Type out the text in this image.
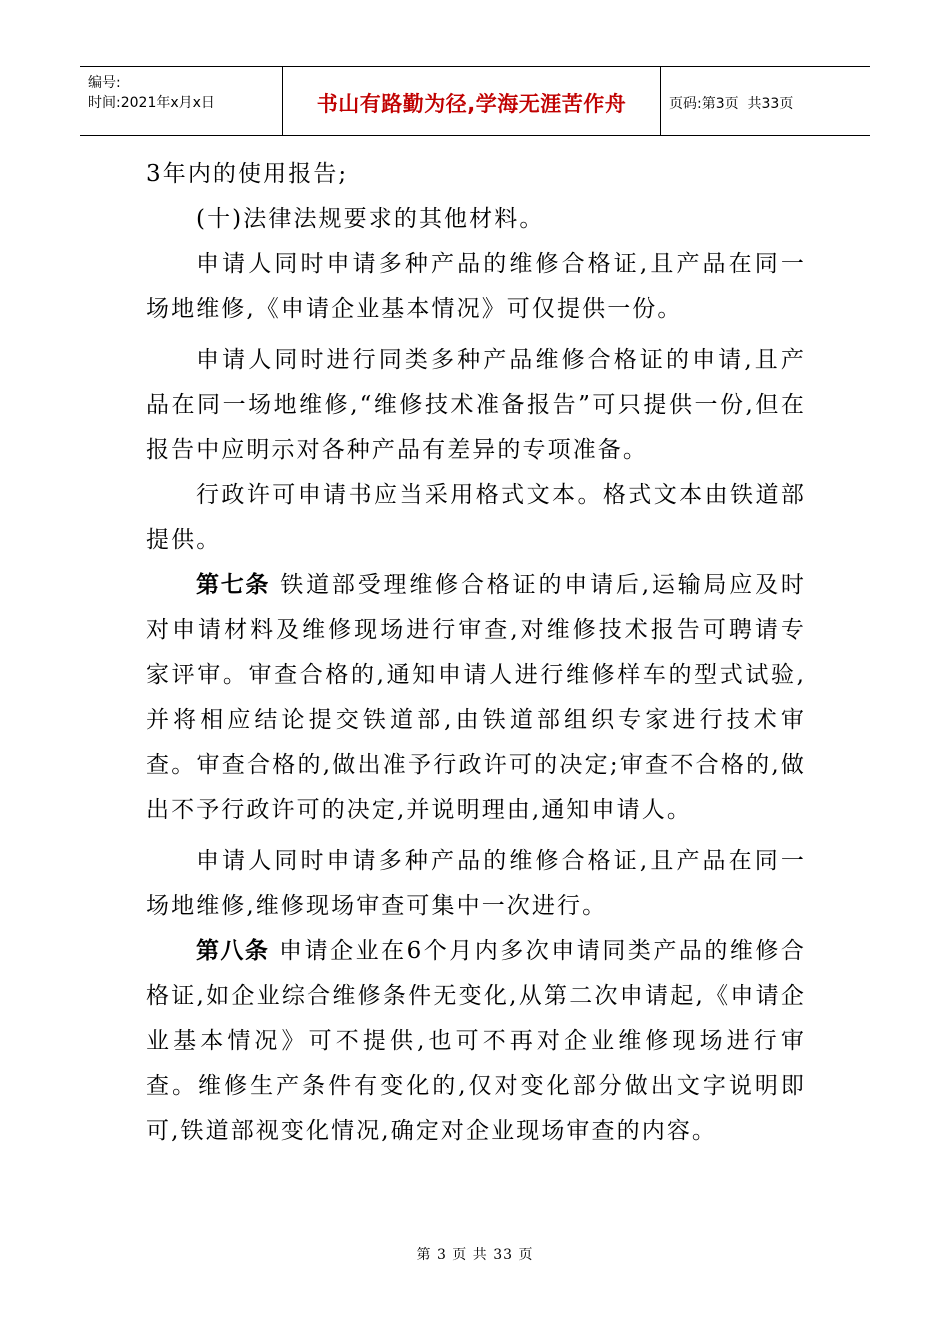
编号:
时间:2021年x月x日	书山有路勤为径,学海无涯苦作舟	页码:第3页  共33页

3年内的使用报告;

(十)法律法规要求的其他材料。

申请人同时申请多种产品的维修合格证,且产品在同一场地维修,《申请企业基本情况》可仅提供一份。

申请人同时进行同类多种产品维修合格证的申请,且产品在同一场地维修,“维修技术准备报告”可只提供一份,但在报告中应明示对各种产品有差异的专项准备。

行政许可申请书应当采用格式文本。格式文本由铁道部提供。

第七条 铁道部受理维修合格证的申请后,运输局应及时对申请材料及维修现场进行审查,对维修技术报告可聘请专家评审。审查合格的,通知申请人进行维修样车的型式试验,并将相应结论提交铁道部,由铁道部组织专家进行技术审查。审查合格的,做出准予行政许可的决定;审查不合格的,做出不予行政许可的决定,并说明理由,通知申请人。

申请人同时申请多种产品的维修合格证,且产品在同一场地维修,维修现场审查可集中一次进行。

第八条 申请企业在6个月内多次申请同类产品的维修合格证,如企业综合维修条件无变化,从第二次申请起,《申请企业基本情况》可不提供,也可不再对企业维修现场进行审查。维修生产条件有变化的,仅对变化部分做出文字说明即可,铁道部视变化情况,确定对企业现场审查的内容。

第 3 页 共 33 页
